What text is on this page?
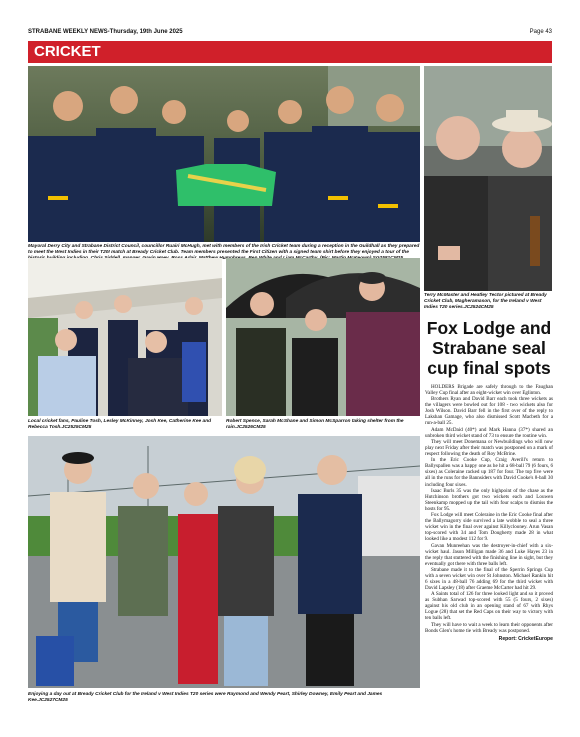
STRABANE WEEKLY NEWS-Thursday, 19th June 2025	Page 43
CRICKET
Mayoral Derry City and Strabane District Council, councillor Ruairi McHugh, met with members of the Irish Cricket team during a reception in the Guildhall as they prepared to meet the West Indies in their T20I match at Bready Cricket Club. Team members presented the First Citizen with a signed team shirt before they enjoyed a tour of the
Terry McMaster and Heatley Tector pictured at Bready Cricket Club, Magheramason, for the Ireland v West Indies T20 series.JC2524CM25
Local cricket fans, Pauline Tosh, Lesley McKinney, Josh Kee, Catherine Kee and Rebecca Tosh.JC2525CM25
Robert Spence, Sarah McShane and Simon McSparron taking shelter from the rain.JC2526CM25
Enjoying a day out at Bready Cricket Club for the Ireland v West Indies T20 series were Raymond and Wendy Peart, Shirley Downey, Emily Peart and James Kee.JC2527CM25
Fox Lodge and Strabane seal cup final spots

HOLDERS Brigade are safely through to the Faughan Valley Cup final after an eight-wicket win over Eglinton.

Brothers Ryan and David Barr each took three wickets as the villagers were bowled out for 108 - two wickets also for Josh Wilson. David Barr fell in the first over of the reply to Lakshan Gamage, who also dismissed Scott Macbeth for a run-a-ball 25.

Adam McDaid (40*) and Mark Hanna (37*) shared an unbroken third wicket stand of 73 to ensure the routine win.

They will meet Donemana or Newbuildings who will now play next Friday after their match was postponed on a mark of respect following the death of Roy McBrine.

In the Eric Cooke Cup, Craig Averill's return to Ballyspallen was a happy one as he hit a 68-ball 79 (6 fours, 6 sixes) as Coleraine racked up 187 for four. The top five were all in the runs for the Bannsiders with David Cooke's 8-ball 30 including four sixes.

Isaac Burls 35 was the only highpoint of the chase as the Hutchinson brothers got two wickets each and Louwen Steenkamp mopped up the tail with four scalps to dismiss the hosts for 95.

Fox Lodge will meet Coleraine in the Eric Cooke final after the Ballymagorry side survived a late wobble to seal a three wicket win in the final over against Killyclooney. Arun Vasan top-scored with 34 and Tom Dougherty made 28 in what looked like a modest 112 for 9.

Gavan Munreehan was the destroyer-in-chief with a six-wicket haul. Jason Milligan made 36 and Luke Hayes 23 in the reply that stuttered with the finishing line in sight, but they eventually got there with three balls left.

Strabane made it to the final of the Sperrin Springs Cup with a seven wicket win over St Johnston. Michael Rankin hit 6 sixes in a 48-ball 76 adding 69 for the third wicket with David Lapsley (18) after Graeme McCarter had hit 29.

A Saints total of 126 for three looked light and so it proved as Subhan Sarwad top-scored with 55 (5 fours, 2 sixes) against his old club in an opening stand of 67 with Rhys Logue (28) that set the Red Caps on their way to victory with ten balls left.

They will have to wait a week to learn their opponents after Bonds Glen's home tie with Bready was postponed.

Report: CricketEurope
